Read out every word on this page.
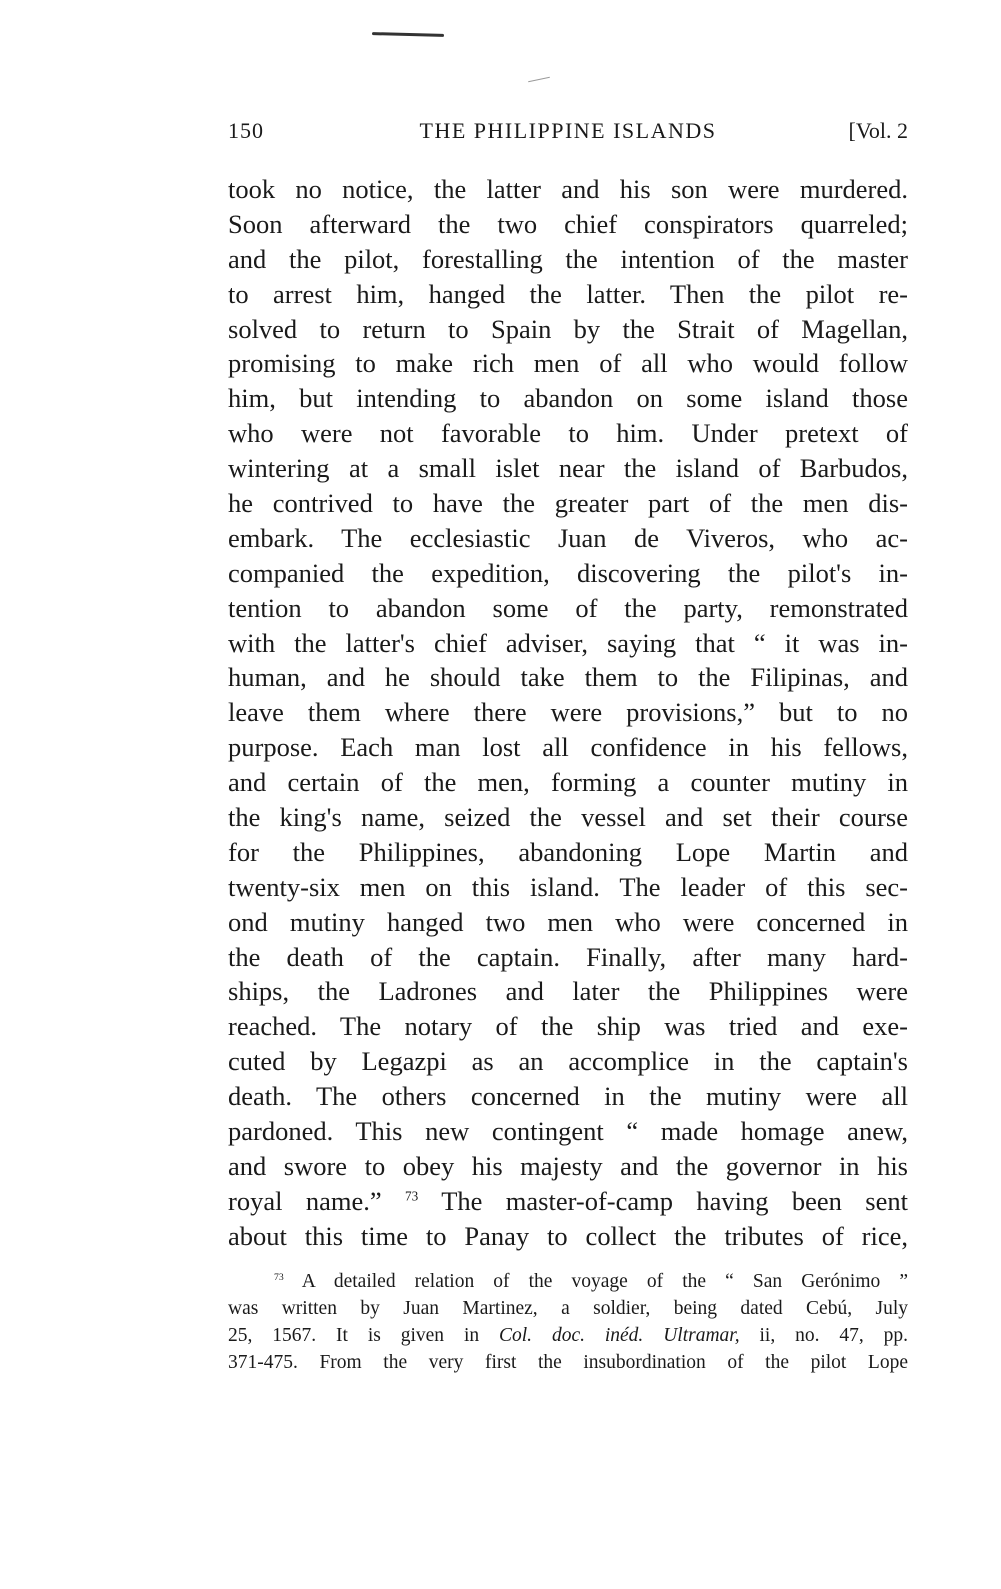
150	THE PHILIPPINE ISLANDS	[Vol. 2
took no notice, the latter and his son were murdered.
Soon afterward the two chief conspirators quarreled;
and the pilot, forestalling the intention of the master
to arrest him, hanged the latter. Then the pilot re-
solved to return to Spain by the Strait of Magellan,
promising to make rich men of all who would follow
him, but intending to abandon on some island those
who were not favorable to him. Under pretext of
wintering at a small islet near the island of Barbudos,
he contrived to have the greater part of the men dis-
embark. The ecclesiastic Juan de Viveros, who ac-
companied the expedition, discovering the pilot's in-
tention to abandon some of the party, remonstrated
with the latter's chief adviser, saying that “ it was in-
human, and he should take them to the Filipinas, and
leave them where there were provisions,” but to no
purpose. Each man lost all confidence in his fellows,
and certain of the men, forming a counter mutiny in
the king's name, seized the vessel and set their course
for the Philippines, abandoning Lope Martin and
twenty-six men on this island. The leader of this sec-
ond mutiny hanged two men who were concerned in
the death of the captain. Finally, after many hard-
ships, the Ladrones and later the Philippines were
reached. The notary of the ship was tried and exe-
cuted by Legazpi as an accomplice in the captain's
death. The others concerned in the mutiny were all
pardoned. This new contingent “ made homage anew,
and swore to obey his majesty and the governor in his
royal name.” $^{73}$ The master-of-camp having been sent
about this time to Panay to collect the tributes of rice,
$^{73}$ A detailed relation of the voyage of the “ San Gerónimo ”
was written by Juan Martinez, a soldier, being dated Cebú, July
25, 1567. It is given in Col. doc. inéd. Ultramar, ii, no. 47, pp.
371-475. From the very first the insubordination of the pilot Lope
